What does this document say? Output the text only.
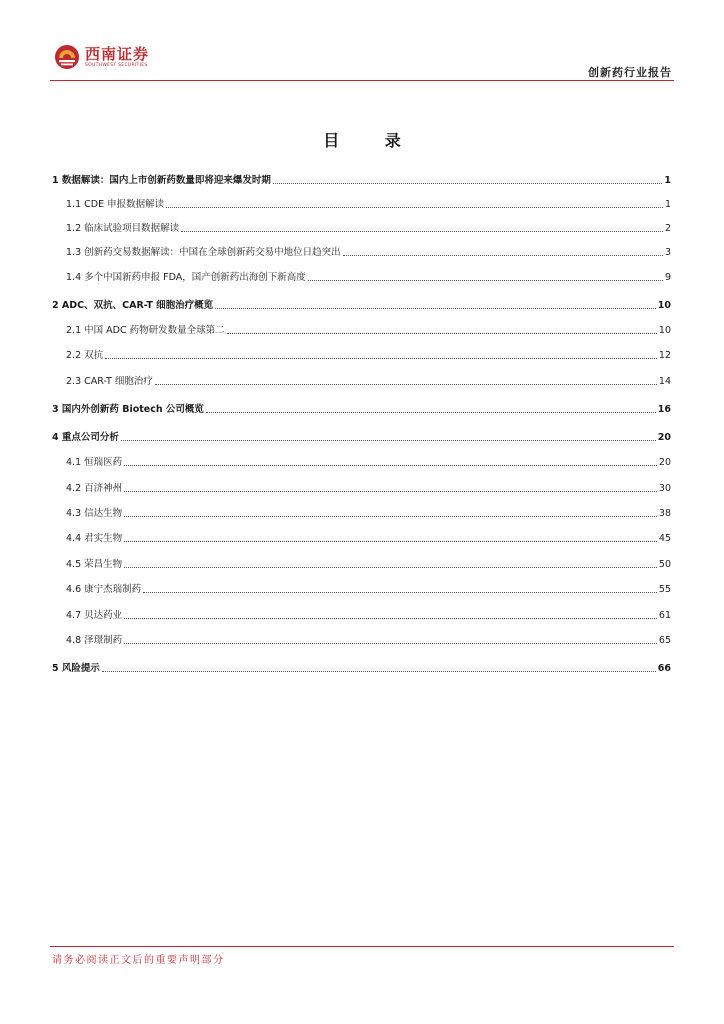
西南证券
SOUTHWEST SECURITIES
创新药行业报告
目 录
1 数据解读：国内上市创新药数量即将迎来爆发时期	1
1.1 CDE 申报数据解读	1
1.2 临床试验项目数据解读	2
1.3 创新药交易数据解读：中国在全球创新药交易中地位日趋突出	3
1.4 多个中国新药申报 FDA，国产创新药出海创下新高度	9
2 ADC、双抗、CAR-T 细胞治疗概览	10
2.1 中国 ADC 药物研发数量全球第二	10
2.2 双抗	12
2.3 CAR-T 细胞治疗	14
3 国内外创新药 Biotech 公司概览	16
4 重点公司分析	20
4.1 恒瑞医药	20
4.2 百济神州	30
4.3 信达生物	38
4.4 君实生物	45
4.5 荣昌生物	50
4.6 康宁杰瑞制药	55
4.7 贝达药业	61
4.8 泽璟制药	65
5 风险提示	66
请务必阅读正文后的重要声明部分
